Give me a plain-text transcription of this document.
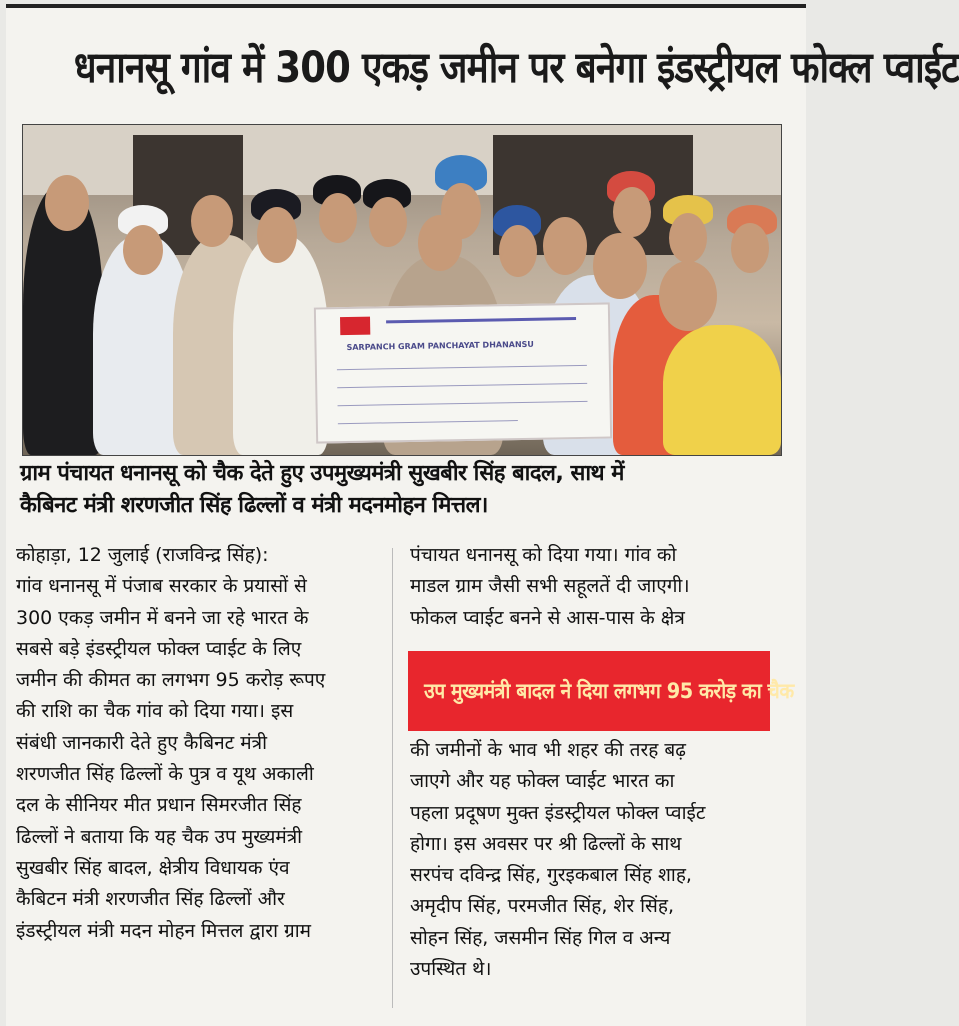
धनानसू गांव में 300 एकड़ जमीन पर बनेगा इंडस्ट्रीयल फोक्ल प्वाईट
SARPANCH GRAM PANCHAYAT DHANANSU
ग्राम पंचायत धनानसू को चैक देते हुए उपमुख्यमंत्री सुखबीर सिंह बादल, साथ में
कैबिनट मंत्री शरणजीत सिंह ढिल्लों व मंत्री मदनमोहन मित्तल।
कोहाड़ा, 12 जुलाई (राजविन्द्र सिंह):
गांव धनानसू में पंजाब सरकार के प्रयासों से
300 एकड़ जमीन में बनने जा रहे भारत के
सबसे बड़े इंडस्ट्रीयल फोक्ल प्वाईट के लिए
जमीन की कीमत का लगभग 95 करोड़ रूपए
की राशि का चैक गांव को दिया गया। इस
संबंधी जानकारी देते हुए कैबिनट मंत्री
शरणजीत सिंह ढिल्लों के पुत्र व यूथ अकाली
दल के सीनियर मीत प्रधान सिमरजीत सिंह
ढिल्लों ने बताया कि यह चैक उप मुख्यमंत्री
सुखबीर सिंह बादल, क्षेत्रीय विधायक एंव
कैबिटन मंत्री शरणजीत सिंह ढिल्लों और
इंडस्ट्रीयल मंत्री मदन मोहन मित्तल द्वारा ग्राम
पंचायत धनानसू को दिया गया। गांव को
माडल ग्राम जैसी सभी सहूलतें दी जाएगी।
फोकल प्वाईट बनने से आस-पास के क्षेत्र
उप मुख्यमंत्री बादल ने दिया लगभग 95 करोड़ का चैक
की जमीनों के भाव भी शहर की तरह बढ़
जाएगे और यह फोक्ल प्वाईट भारत का
पहला प्रदूषण मुक्त इंडस्ट्रीयल फोक्ल प्वाईट
होगा। इस अवसर पर श्री ढिल्लों के साथ
सरपंच दविन्द्र सिंह, गुरइकबाल सिंह शाह,
अमृदीप सिंह, परमजीत सिंह, शेर सिंह,
सोहन सिंह, जसमीन सिंह गिल व अन्य
उपस्थित थे।
